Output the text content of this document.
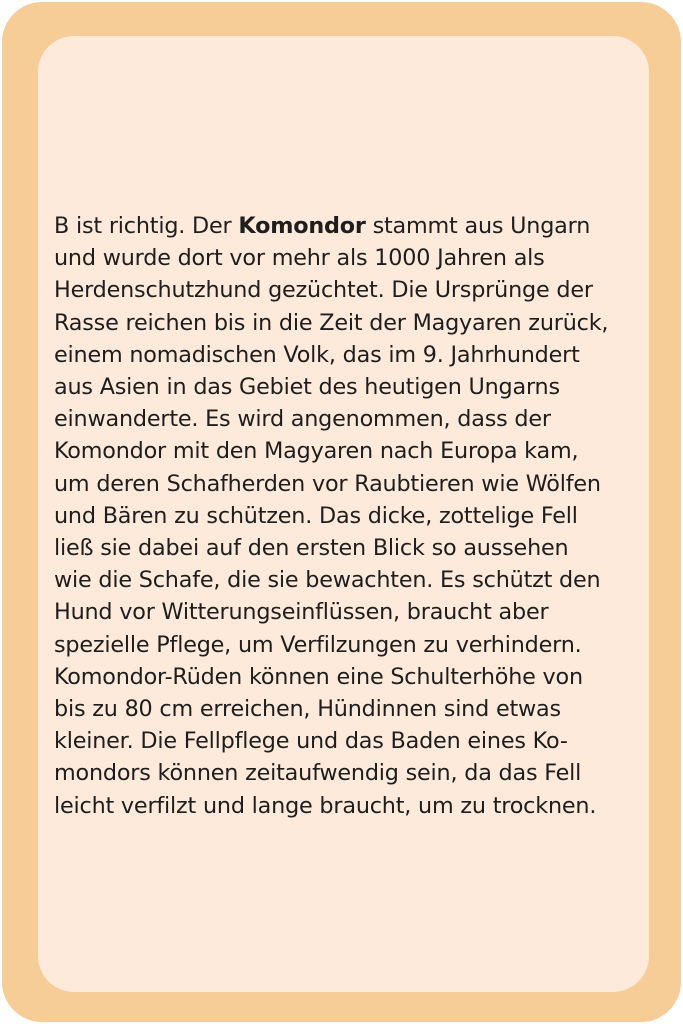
B ist richtig. Der Komondor stammt aus Ungarn
und wurde dort vor mehr als 1000 Jahren als
Herdenschutzhund gezüchtet. Die Ursprünge der
Rasse reichen bis in die Zeit der Magyaren zurück,
einem nomadischen Volk, das im 9. Jahrhundert
aus Asien in das Gebiet des heutigen Ungarns
einwanderte. Es wird angenommen, dass der
Komondor mit den Magyaren nach Europa kam,
um deren Schafherden vor Raubtieren wie Wölfen
und Bären zu schützen. Das dicke, zottelige Fell
ließ sie dabei auf den ersten Blick so aussehen
wie die Schafe, die sie bewachten. Es schützt den
Hund vor Witterungseinflüssen, braucht aber
spezielle Pflege, um Verfilzungen zu verhindern.
Komondor-Rüden können eine Schulterhöhe von
bis zu 80 cm erreichen, Hündinnen sind etwas
kleiner. Die Fellpflege und das Baden eines Ko-
mondors können zeitaufwendig sein, da das Fell
leicht verfilzt und lange braucht, um zu trocknen.
